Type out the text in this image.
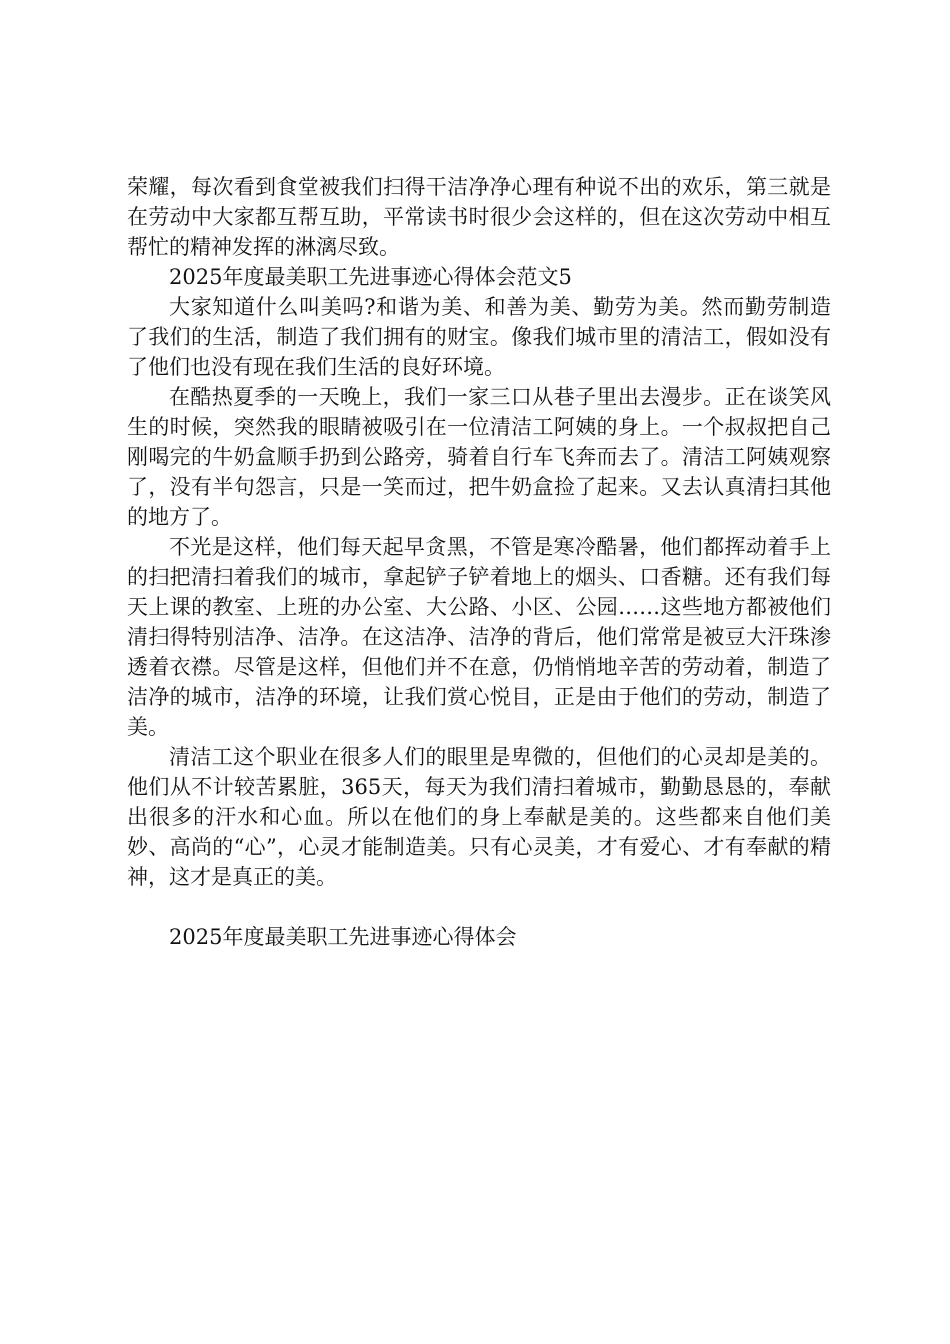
荣耀，每次看到食堂被我们扫得干洁净净心理有种说不出的欢乐，第三就是在劳动中大家都互帮互助，平常读书时很少会这样的，但在这次劳动中相互帮忙的精神发挥的淋漓尽致。

2025年度最美职工先进事迹心得体会范文5

大家知道什么叫美吗?和谐为美、和善为美、勤劳为美。然而勤劳制造了我们的生活，制造了我们拥有的财宝。像我们城市里的清洁工，假如没有了他们也没有现在我们生活的良好环境。

在酷热夏季的一天晚上，我们一家三口从巷子里出去漫步。正在谈笑风生的时候，突然我的眼睛被吸引在一位清洁工阿姨的身上。一个叔叔把自己刚喝完的牛奶盒顺手扔到公路旁，骑着自行车飞奔而去了。清洁工阿姨观察了，没有半句怨言，只是一笑而过，把牛奶盒捡了起来。又去认真清扫其他的地方了。

不光是这样，他们每天起早贪黑，不管是寒冷酷暑，他们都挥动着手上的扫把清扫着我们的城市，拿起铲子铲着地上的烟头、口香糖。还有我们每天上课的教室、上班的办公室、大公路、小区、公园……这些地方都被他们清扫得特别洁净、洁净。在这洁净、洁净的背后，他们常常是被豆大汗珠渗透着衣襟。尽管是这样，但他们并不在意，仍悄悄地辛苦的劳动着，制造了洁净的城市，洁净的环境，让我们赏心悦目，正是由于他们的劳动，制造了美。

清洁工这个职业在很多人们的眼里是卑微的，但他们的心灵却是美的。他们从不计较苦累脏，365天，每天为我们清扫着城市，勤勤恳恳的，奉献出很多的汗水和心血。所以在他们的身上奉献是美的。这些都来自他们美妙、高尚的“心”，心灵才能制造美。只有心灵美，才有爱心、才有奉献的精神，这才是真正的美。

2025年度最美职工先进事迹心得体会
